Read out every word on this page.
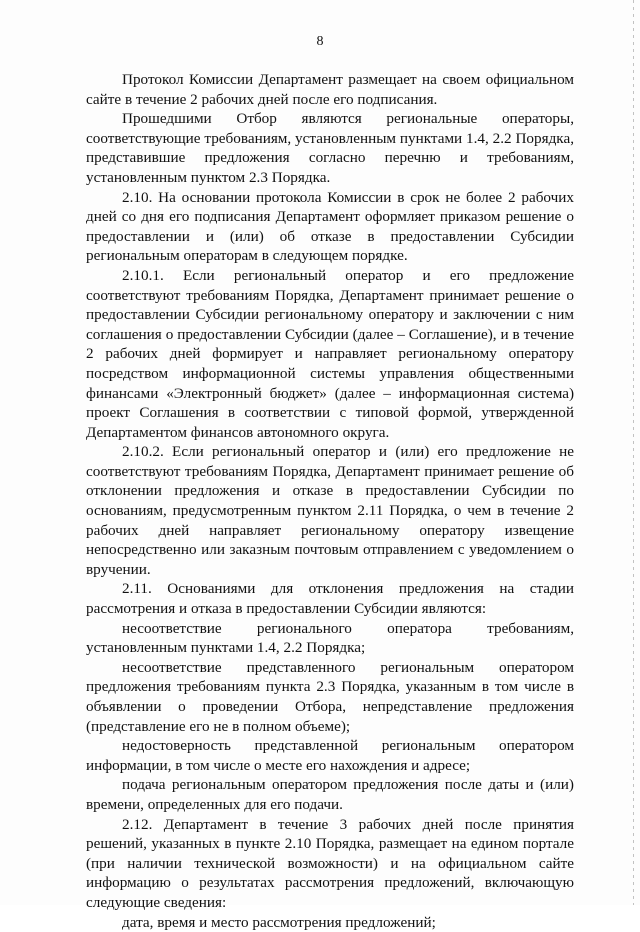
8

Протокол Комиссии Департамент размещает на своем официальном сайте в течение 2 рабочих дней после его подписания.

Прошедшими Отбор являются региональные операторы, соответствующие требованиям, установленным пунктами 1.4, 2.2 Порядка, представившие предложения согласно перечню и требованиям, установленным пунктом 2.3 Порядка.

2.10. На основании протокола Комиссии в срок не более 2 рабочих дней со дня его подписания Департамент оформляет приказом решение о предоставлении и (или) об отказе в предоставлении Субсидии региональным операторам в следующем порядке.

2.10.1. Если региональный оператор и его предложение соответствуют требованиям Порядка, Департамент принимает решение о предоставлении Субсидии региональному оператору и заключении с ним соглашения о предоставлении Субсидии (далее – Соглашение), и в течение 2 рабочих дней формирует и направляет региональному оператору посредством информационной системы управления общественными финансами «Электронный бюджет» (далее – информационная система) проект Соглашения в соответствии с типовой формой, утвержденной Департаментом финансов автономного округа.

2.10.2. Если региональный оператор и (или) его предложение не соответствуют требованиям Порядка, Департамент принимает решение об отклонении предложения и отказе в предоставлении Субсидии по основаниям, предусмотренным пунктом 2.11 Порядка, о чем в течение 2 рабочих дней направляет региональному оператору извещение непосредственно или заказным почтовым отправлением с уведомлением о вручении.

2.11. Основаниями для отклонения предложения на стадии рассмотрения и отказа в предоставлении Субсидии являются:

несоответствие регионального оператора требованиям, установленным пунктами 1.4, 2.2 Порядка;

несоответствие представленного региональным оператором предложения требованиям пункта 2.3 Порядка, указанным в том числе в объявлении о проведении Отбора, непредставление предложения (представление его не в полном объеме);

недостоверность представленной региональным оператором информации, в том числе о месте его нахождения и адресе;

подача региональным оператором предложения после даты и (или) времени, определенных для его подачи.

2.12. Департамент в течение 3 рабочих дней после принятия решений, указанных в пункте 2.10 Порядка, размещает на едином портале (при наличии технической возможности) и на официальном сайте информацию о результатах рассмотрения предложений, включающую следующие сведения:

дата, время и место рассмотрения предложений;
